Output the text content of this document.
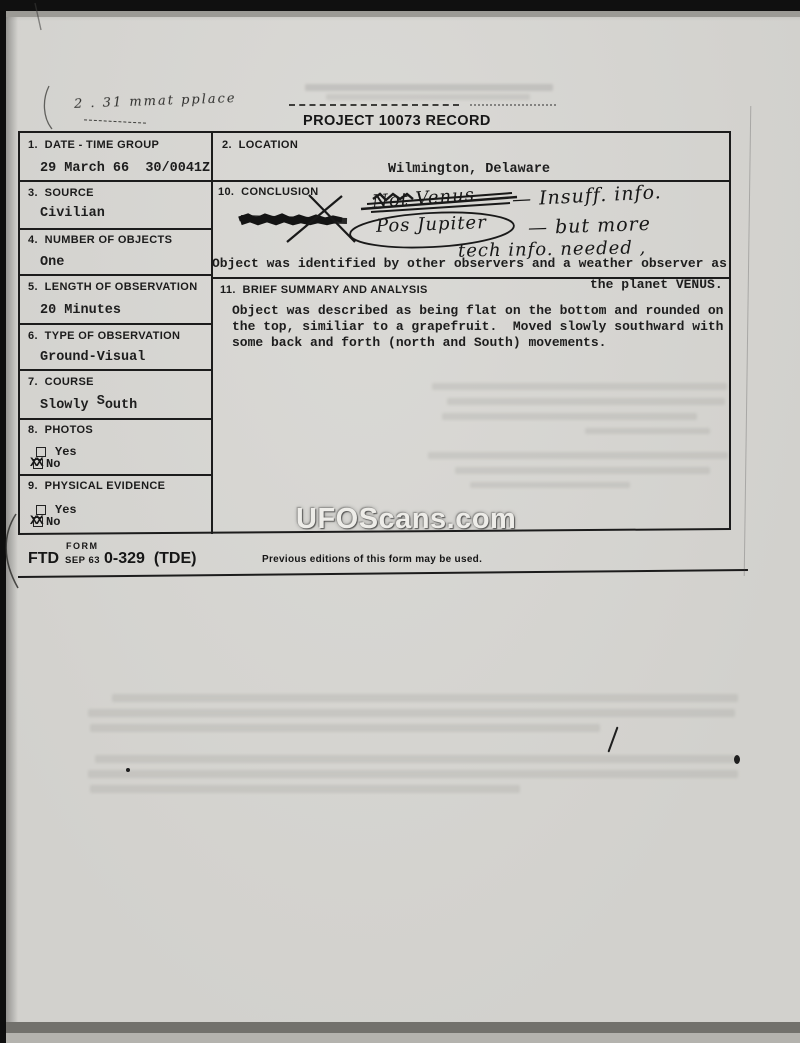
2 . 31 mmat pplace
PROJECT 10073 RECORD
1.  DATE - TIME GROUP
29 March 66  30/0041Z
3.  SOURCE
Civilian
4.  NUMBER OF OBJECTS
One
5.  LENGTH OF OBSERVATION
20 Minutes
6.  TYPE OF OBSERVATION
Ground-Visual
7.  COURSE
Slowly South
8.  PHOTOS
Yes
XX No
9.  PHYSICAL EVIDENCE
Yes
XX No
2.  LOCATION
Wilmington, Delaware
10.  CONCLUSION	Not Venus — Insuff. info.
Pos Jupiter — but more
tech info. needed ,
Object was identified by other observers and a weather observer as
the planet VENUS.
11.  BRIEF SUMMARY AND ANALYSIS
Object was described as being flat on the bottom and rounded on
the top, similiar to a grapefruit.  Moved slowly southward with
some back and forth (north and South) movements.
UFOScans.com
FORM
FTD SEP 63 0-329  (TDE)	Previous editions of this form may be used.
